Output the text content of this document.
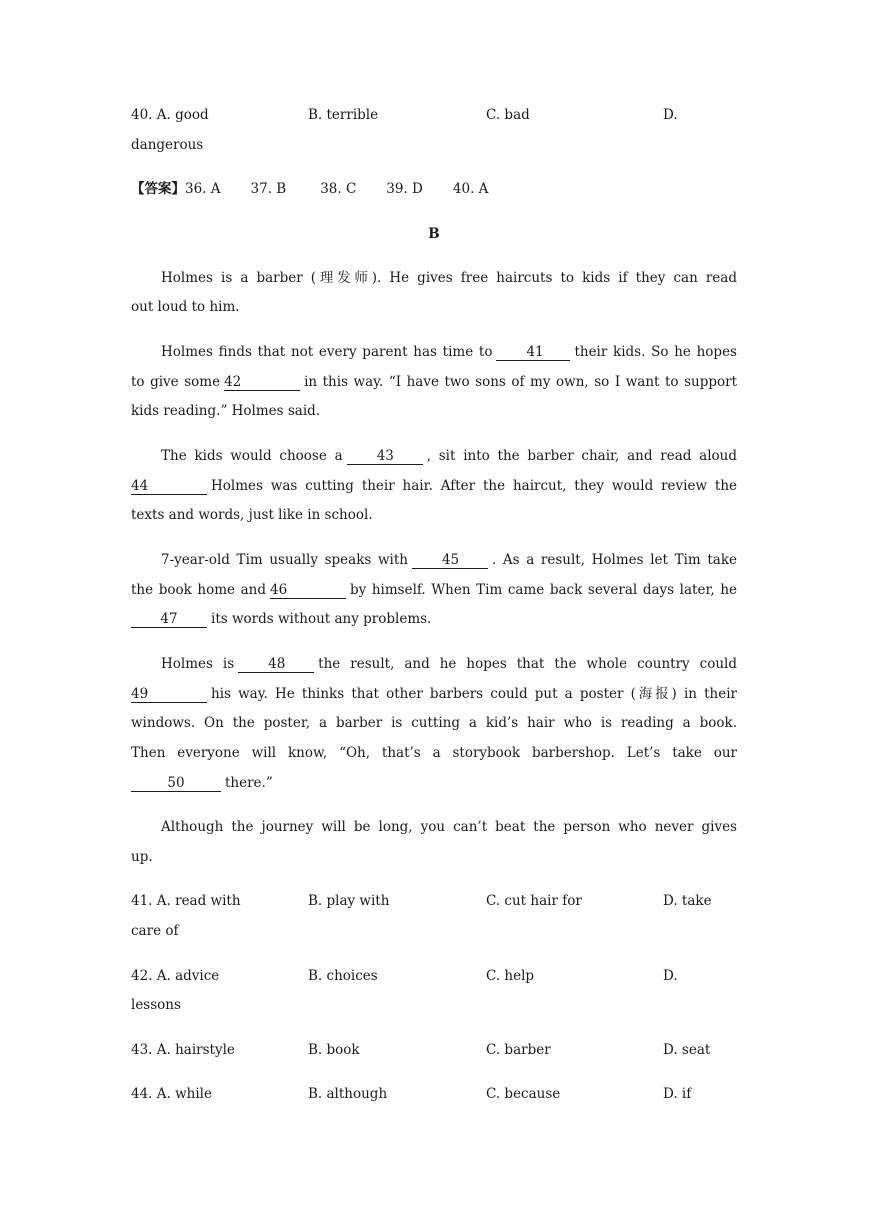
40. A. good	B. terrible	C. bad	D.
dangerous
【答案】36. A 37. B	38. C 39. D 40. A
B
Holmes is a barber (理发师). He gives free haircuts to kids if they can read
out loud to him.
Holmes finds that not every parent has time to	41 their kids. So he hopes
to give some 42	in this way. “I have two sons of my own, so I want to support
kids reading.” Holmes said.
The kids would choose a	43 , sit into the barber chair, and read aloud
44	Holmes was cutting their hair. After the haircut, they would review the
texts and words, just like in school.
7-year-old Tim usually speaks with	45 . As a result, Holmes let Tim take
the book home and 46	by himself. When Tim came back several days later, he
47 its words without any problems.
Holmes is	48 the result, and he hopes that the whole country could
49	his way. He thinks that other barbers could put a poster (海报) in their
windows. On the poster, a barber is cutting a kid’s hair who is reading a book.
Then everyone will know, “Oh, that’s a storybook barbershop. Let’s take our
50	there.”
Although the journey will be long, you can’t beat the person who never gives
up.
41. A. read with	B. play with	C. cut hair for	D. take
care of
42. A. advice	B. choices	C. help	D.
lessons
43. A. hairstyle	B. book	C. barber	D. seat
44. A. while	B. although	C. because	D. if
